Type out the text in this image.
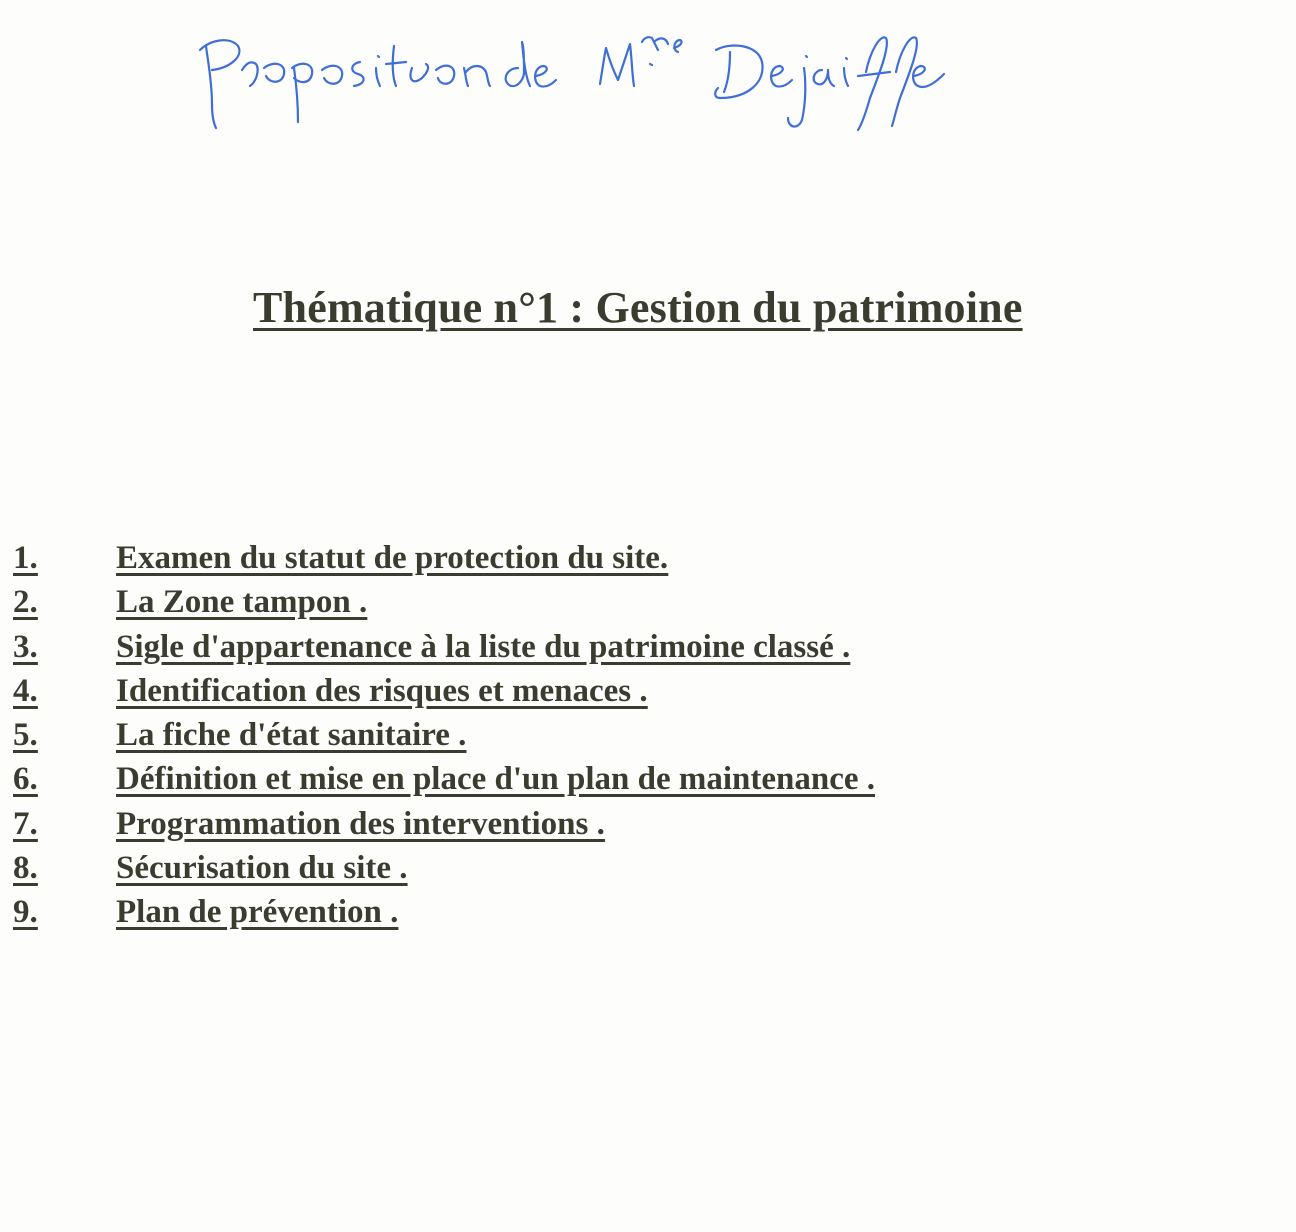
Proposition de Mme Dejaiffe
Thématique n°1 : Gestion du patrimoine
1.	Examen du statut de protection du site.
2.	La Zone tampon .
3.	Sigle d'appartenance à la liste du patrimoine classé .
4.	Identification des risques et menaces .
5.	La fiche d'état sanitaire .
6.	Définition et mise en place d'un plan de maintenance .
7.	Programmation des interventions .
8.	Sécurisation du site .
9.	Plan de prévention .
